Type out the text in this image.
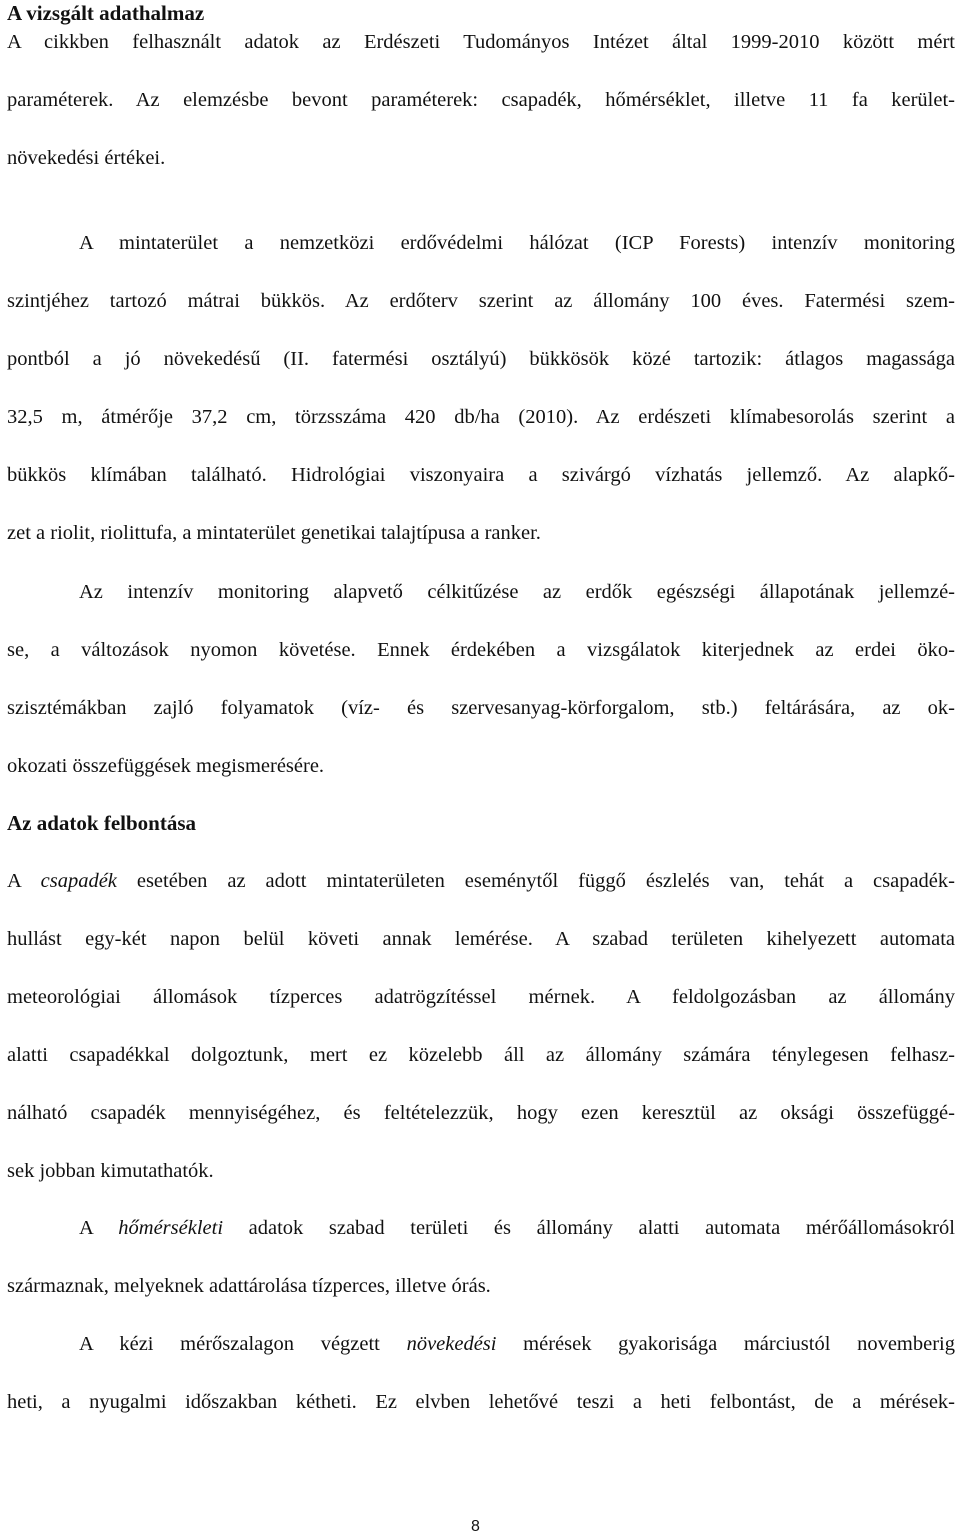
A vizsgált adathalmaz
A cikkben felhasznált adatok az Erdészeti Tudományos Intézet által 1999-2010 között mért
paraméterek. Az elemzésbe bevont paraméterek: csapadék, hőmérséklet, illetve 11 fa kerület-
növekedési értékei.
A mintaterület a nemzetközi erdővédelmi hálózat (ICP Forests) intenzív monitoring
szintjéhez tartozó mátrai bükkös. Az erdőterv szerint az állomány 100 éves. Fatermési szem-
pontból a jó növekedésű (II. fatermési osztályú) bükkösök közé tartozik: átlagos magassága
32,5 m, átmérője 37,2 cm, törzsszáma 420 db/ha (2010). Az erdészeti klímabesorolás szerint a
bükkös klímában található. Hidrológiai viszonyaira a szivárgó vízhatás jellemző. Az alapkő-
zet a riolit, riolittufa, a mintaterület genetikai talajtípusa a ranker.
Az intenzív monitoring alapvető célkitűzése az erdők egészségi állapotának jellemzé-
se, a változások nyomon követése. Ennek érdekében a vizsgálatok kiterjednek az erdei öko-
szisztémákban zajló folyamatok (víz- és szervesanyag-körforgalom, stb.) feltárására, az ok-
okozati összefüggések megismerésére.
Az adatok felbontása
A csapadék esetében az adott mintaterületen eseménytől függő észlelés van, tehát a csapadék-
hullást egy-két napon belül követi annak lemérése. A szabad területen kihelyezett automata
meteorológiai állomások tízperces adatrögzítéssel mérnek. A feldolgozásban az állomány
alatti csapadékkal dolgoztunk, mert ez közelebb áll az állomány számára ténylegesen felhasz-
nálható csapadék mennyiségéhez, és feltételezzük, hogy ezen keresztül az oksági összefüggé-
sek jobban kimutathatók.
A hőmérsékleti adatok szabad területi és állomány alatti automata mérőállomásokról
származnak, melyeknek adattárolása tízperces, illetve órás.
A kézi mérőszalagon végzett növekedési mérések gyakorisága márciustól novemberig
heti, a nyugalmi időszakban kétheti. Ez elvben lehetővé teszi a heti felbontást, de a mérések-
8
